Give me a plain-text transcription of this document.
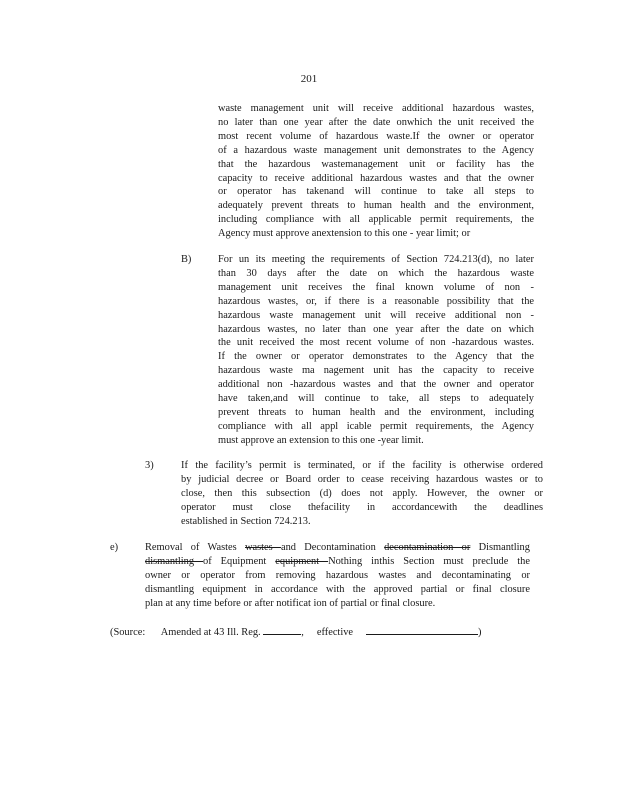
201
waste management unit will receive additional hazardous wastes,
no later than one year after the date onwhich the unit received the
most recent volume of hazardous waste.If the owner or operator
of a hazardous waste management unit demonstrates to the Agency
that the hazardous wastemanagement unit or facility has the
capacity to receive additional hazardous wastes and that the owner
or operator has takenand will continue to take all steps to
adequately prevent threats to human health and the environment,
including compliance with all applicable permit requirements, the
Agency must approve anextension to this one - year limit; or
B)	For un its meeting the requirements of Section 724.213(d), no later
than 30 days after the date on which the hazardous waste
management unit receives the final known volume of non -
hazardous wastes, or, if there is a reasonable possibility that the
hazardous waste management unit will receive additional non -
hazardous wastes, no later than one year after the date on which
the unit received the most recent volume of non -hazardous wastes.
If the owner or operator demonstrates to the Agency that the
hazardous waste ma nagement unit has the capacity to receive
additional non -hazardous wastes and that the owner and operator
have taken,and will continue to take, all steps to adequately
prevent threats to human health and the environment, including
compliance with all appl icable permit requirements, the Agency
must approve an extension to this one -year limit.
3)	If the facility’s permit is terminated, or if the facility is otherwise ordered
by judicial decree or Board order to cease receiving hazardous wastes or to
close, then this subsection (d) does not apply. However, the owner or
operator must close thefacility in accordancewith the deadlines
established in Section 724.213.
e)	Removal of Wastes wastes and Decontamination decontamination or Dismantling
dismantling of Equipment equipment Nothing inthis Section must preclude the
owner or operator from removing hazardous wastes and decontaminating or
dismantling equipment in accordance with the approved partial or final closure
plan at any time before or after notificat ion of partial or final closure.
(Source: Amended at 43 Ill. Reg.	, effective	)
